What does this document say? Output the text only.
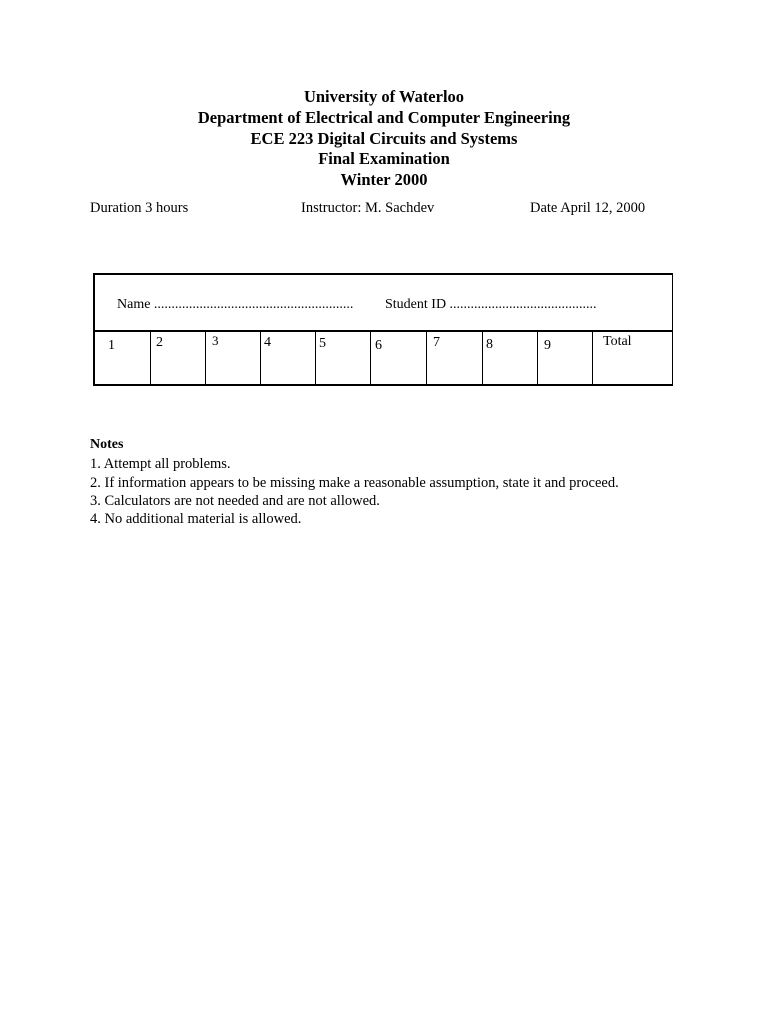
University of Waterloo
Department of Electrical and Computer Engineering
ECE 223 Digital Circuits and Systems
Final Examination
Winter 2000
Duration 3 hours	Instructor: M. Sachdev	Date April 12, 2000
Name ......................................................... Student ID ..........................................
1	2	3	4	5	6	7	8	9	Total
Notes
1. Attempt all problems.
2. If information appears to be missing make a reasonable assumption, state it and proceed.
3. Calculators are not needed and are not allowed.
4. No additional material is allowed.
